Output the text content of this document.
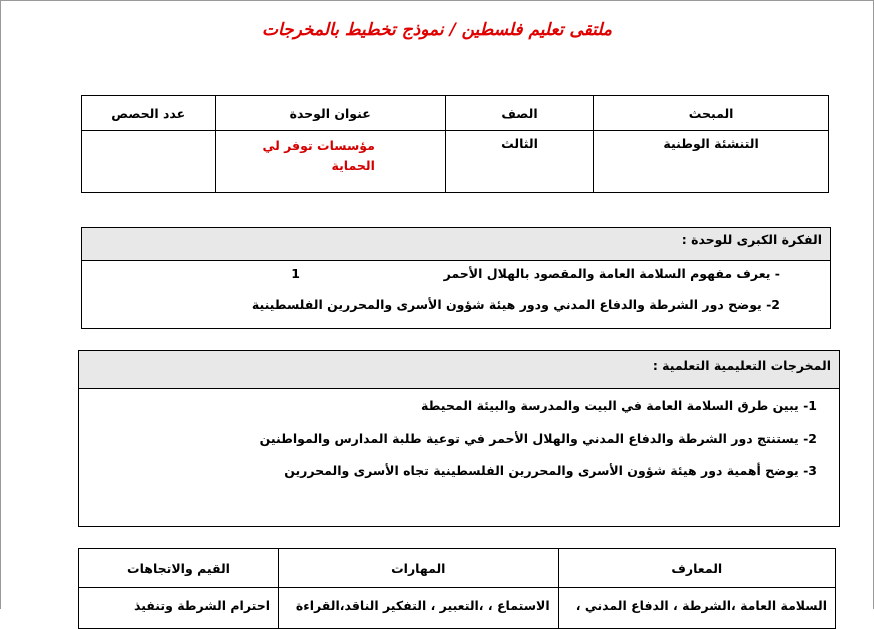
ملتقى تعليم فلسطين / نموذج تخطيط بالمخرجات
المبحث	الصف	عنوان الوحدة	عدد الحصص
التنشئة الوطنية	الثالث	مؤسسات توفر لي الحماية	
الفكرة الكبرى للوحدة :
- يعرف مفهوم السلامة العامة والمقصود بالهلال الأحمر
1
2- يوضح دور الشرطة والدفاع المدني ودور هيئة شؤون الأسرى والمحررين الفلسطينية
المخرجات التعليمية التعلمية :
1- يبين طرق السلامة العامة في البيت والمدرسة والبيئة المحيطة
2- يستنتج دور الشرطة والدفاع المدني والهلال الأحمر في توعية طلبة المدارس والمواطنين
3- يوضح أهمية دور هيئة شؤون الأسرى والمحررين الفلسطينية تجاه الأسرى والمحررين
المعارف	المهارات	القيم والاتجاهات
السلامة العامة ،الشرطة ، الدفاع المدني ،	الاستماع ، ،التعبير ، التفكير الناقد،القراءة	احترام الشرطة وتنفيذ
